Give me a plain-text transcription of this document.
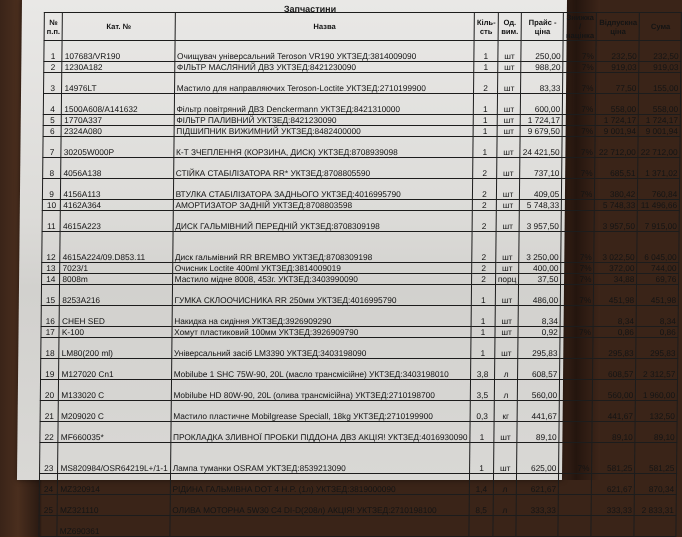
Запчастини
№ п.п.	Кат. №	Назва	Кіль-сть	Од. вим.	Прайс - ціна	Знижка / націнка	Відпускна ціна	Сума
1	107683/VR190	Очищувач універсальний Teroson VR190 УКТЗЕД:3814009090	1	шт	250,00	7%	232,50	232,50
2	1230A182	ФІЛЬТР МАСЛЯНИЙ ДВЗ УКТЗЕД:8421230090	1	шт	988,20	7%	919,03	919,03
3	14976LT	Мастило для направляючих Teroson-Loctite УКТЗЕД:2710199900	2	шт	83,33	7%	77,50	155,00
4	1500A608/A141632	Фільтр повітряний ДВЗ Denckermann УКТЗЕД:8421310000	1	шт	600,00	7%	558,00	558,00
5	1770A337	ФІЛЬТР ПАЛИВНИЙ УКТЗЕД:8421230090	1	шт	1 724,17		1 724,17	1 724,17
6	2324A080	ПІДШИПНИК ВИЖИМНИЙ УКТЗЕД:8482400000	1	шт	9 679,50	7%	9 001,94	9 001,94
7	30205W000P	К-Т ЗЧЕПЛЕННЯ (КОРЗИНА, ДИСК) УКТЗЕД:8708939098	1	шт	24 421,50	7%	22 712,00	22 712,00
8	4056A138	СТІЙКА СТАБІЛІЗАТОРА RR* УКТЗЕД:8708805590	2	шт	737,10	7%	685,51	1 371,02
9	4156A113	ВТУЛКА СТАБІЛІЗАТОРА ЗАДНЬОГО УКТЗЕД:4016995790	2	шт	409,05	7%	380,42	760,84
10	4162A364	АМОРТИЗАТОР ЗАДНІЙ УКТЗЕД:8708803598	2	шт	5 748,33		5 748,33	11 496,66
11	4615A223	ДИСК ГАЛЬМІВНИЙ ПЕРЕДНІЙ УКТЗЕД:8708309198	2	шт	3 957,50		3 957,50	7 915,00
12	4615A224/09.D853.11	Диск гальмівний RR BREMBO УКТЗЕД:8708309198	2	шт	3 250,00	7%	3 022,50	6 045,00
13	7023/1	Очисник Loctite 400ml УКТЗЕД:3814009019	2	шт	400,00	7%	372,00	744,00
14	8008m	Мастило мідне 8008, 453г. УКТЗЕД:3403990090	2	порц	37,50	7%	34,88	69,76
15	8253A216	ГУМКА СКЛООЧИСНИКА RR 250мм УКТЗЕД:4016995790	1	шт	486,00	7%	451,98	451,98
16	CHEH SED	Накидка на сидіння УКТЗЕД:3926909290	1	шт	8,34		8,34	8,34
17	K-100	Хомут пластиковий 100мм УКТЗЕД:3926909790	1	шт	0,92	7%	0,86	0,86
18	LM80(200 ml)	Універсальний засіб LM3390 УКТЗЕД:3403198090	1	шт	295,83		295,83	295,83
19	M127020 Cn1	Mobilube 1 SHC 75W-90, 20L (масло трансмісійне) УКТЗЕД:3403198010	3,8	л	608,57		608,57	2 312,57
20	M133020 C	Mobilube HD 80W-90, 20L (олива трансмісійна) УКТЗЕД:2710198700	3,5	л	560,00		560,00	1 960,00
21	M209020 C	Мастило пластичне Mobilgrease Speciall, 18kg УКТЗЕД:2710199900	0,3	кг	441,67		441,67	132,50
22	MF660035*	ПРОКЛАДКА ЗЛИВНОЇ ПРОБКИ ПІДДОНА ДВЗ АКЦІЯ! УКТЗЕД:4016930090	1	шт	89,10		89,10	89,10
23	MS820984/OSR64219L+/1-1	Лампа туманки OSRAM УКТЗЕД:8539213090	1	шт	625,00	7%	581,25	581,25
24	MZ320914	РІДИНА ГАЛЬМІВНА DOT 4 H.P. (1л) УКТЗЕД:3819000090	1,4	л	621,67		621,67	870,34
25	MZ321110	ОЛИВА МОТОРНА 5W30 C4 DI-D(208л) АКЦІЯ! УКТЗЕД:2710198100	8,5	л	333,33		333,33	2 833,31
	MZ690361							
